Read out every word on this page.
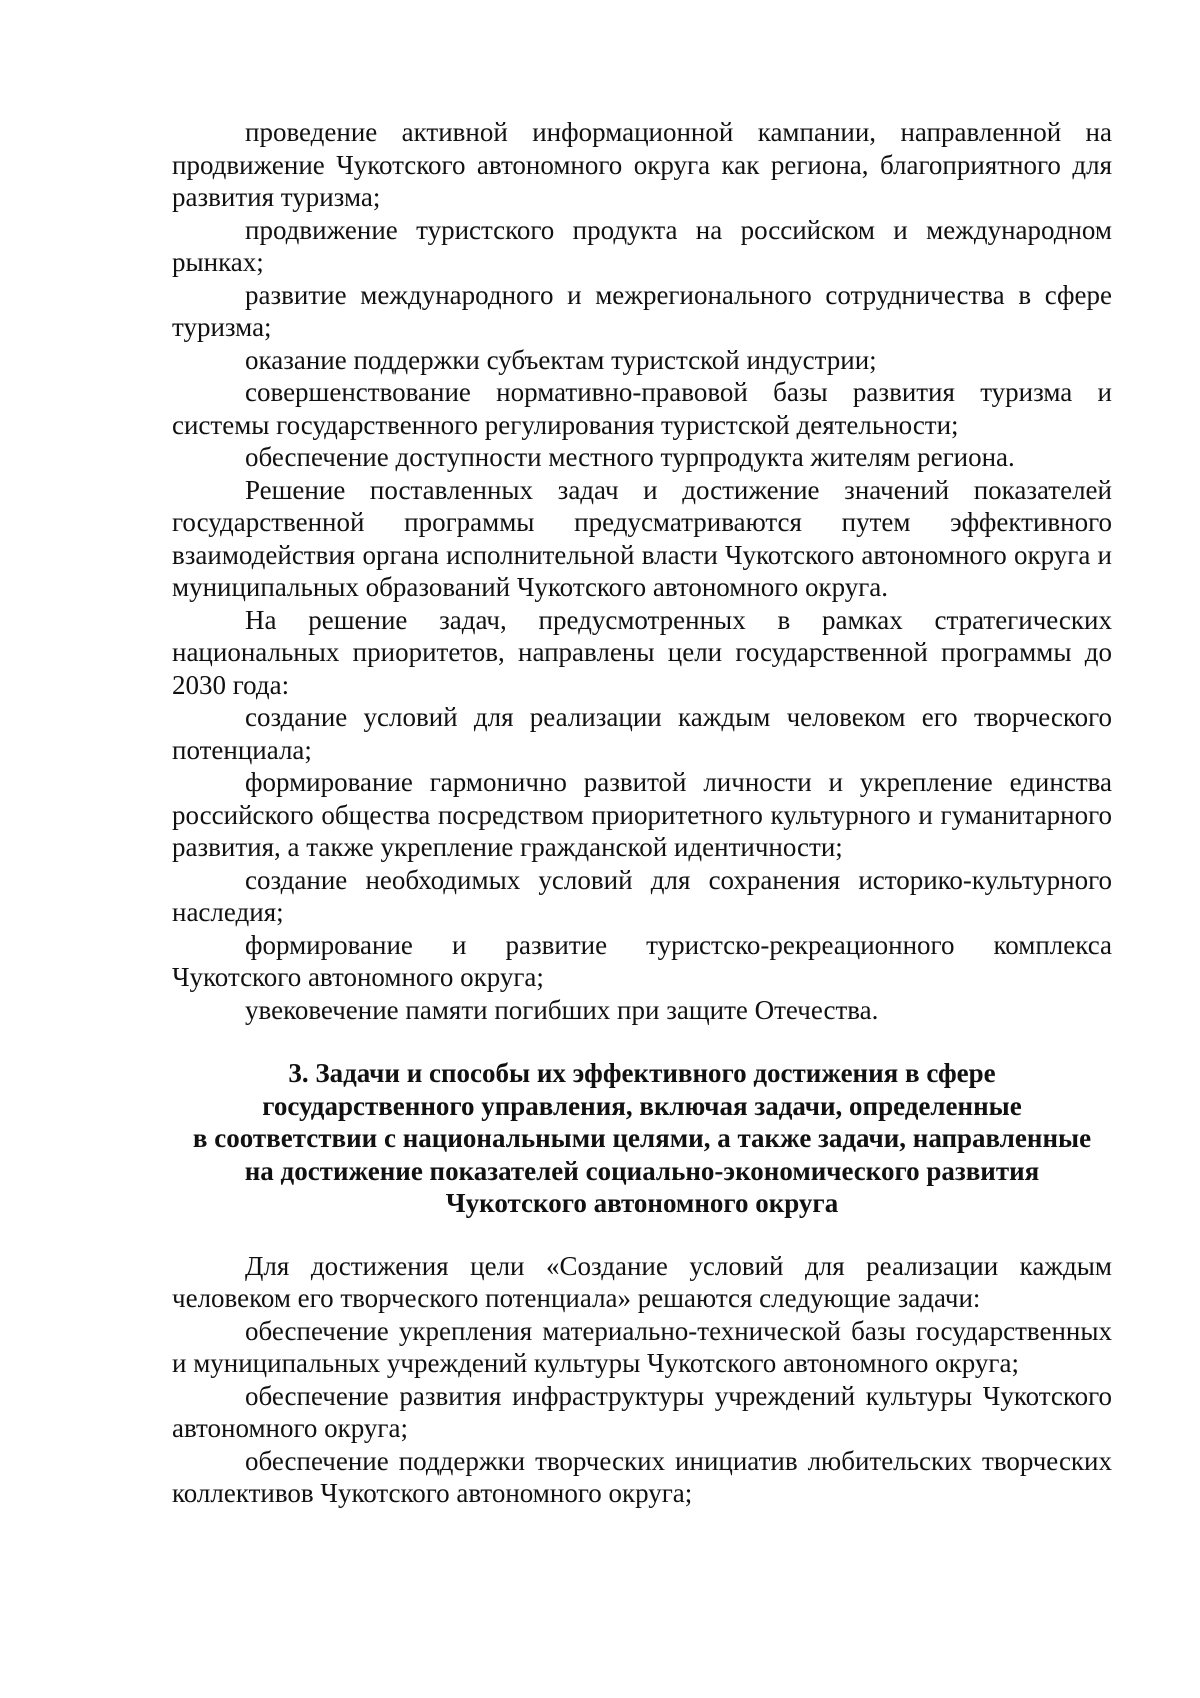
проведение активной информационной кампании, направленной на продвижение Чукотского автономного округа как региона, благоприятного для развития туризма;

продвижение туристского продукта на российском и международном рынках;

развитие международного и межрегионального сотрудничества в сфере туризма;

оказание поддержки субъектам туристской индустрии;

совершенствование нормативно-правовой базы развития туризма и системы государственного регулирования туристской деятельности;

обеспечение доступности местного турпродукта жителям региона.

Решение поставленных задач и достижение значений показателей государственной программы предусматриваются путем эффективного взаимодействия органа исполнительной власти Чукотского автономного округа и муниципальных образований Чукотского автономного округа.

На решение задач, предусмотренных в рамках стратегических национальных приоритетов, направлены цели государственной программы до 2030 года:

создание условий для реализации каждым человеком его творческого потенциала;

формирование гармонично развитой личности и укрепление единства российского общества посредством приоритетного культурного и гуманитарного развития, а также укрепление гражданской идентичности;

создание необходимых условий для сохранения историко-культурного наследия;

формирование и развитие туристско-рекреационного комплекса Чукотского автономного округа;

увековечение памяти погибших при защите Отечества.

3. Задачи и способы их эффективного достижения в сфере
государственного управления, включая задачи, определенные
в соответствии с национальными целями, а также задачи, направленные
на достижение показателей социально-экономического развития
Чукотского автономного округа

Для достижения цели «Создание условий для реализации каждым человеком его творческого потенциала» решаются следующие задачи:

обеспечение укрепления материально-технической базы государственных и муниципальных учреждений культуры Чукотского автономного округа;

обеспечение развития инфраструктуры учреждений культуры Чукотского автономного округа;

обеспечение поддержки творческих инициатив любительских творческих коллективов Чукотского автономного округа;
